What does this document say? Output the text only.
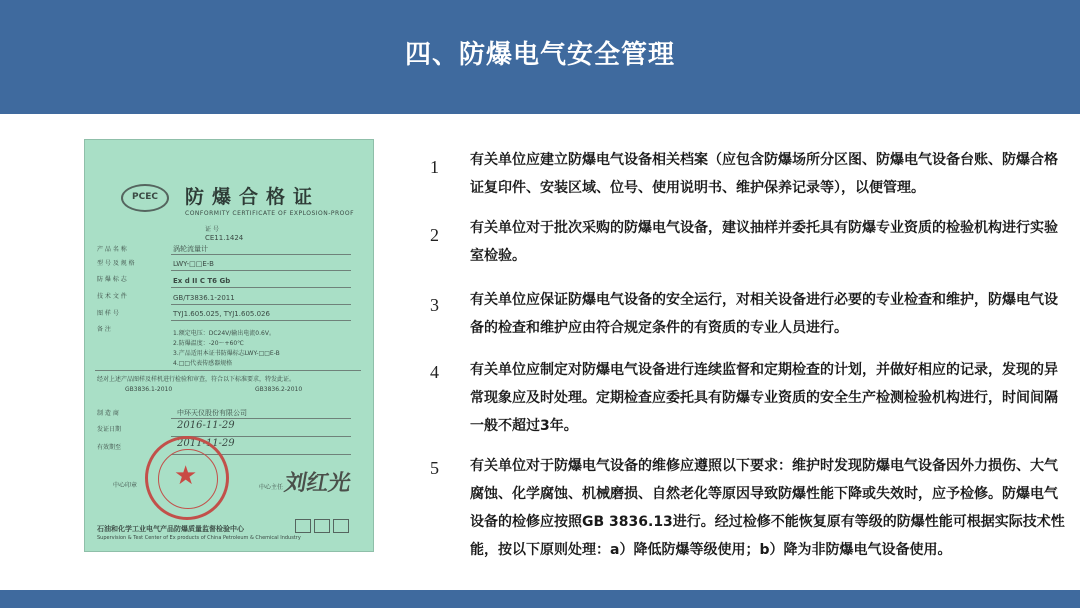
四、防爆电气安全管理
PCEC	防爆合格证
CONFORMITY CERTIFICATE OF EXPLOSION-PROOF
证 号
CE11.1424
产 品 名 称	涡轮流量计
型 号 及 规 格	LWY-□□E-B
防 爆 标 志	Ex d II C T6 Gb
技 术 文 件	GB/T3836.1-2011
图 样 号	TYJ1.605.025, TYJ1.605.026
备 注
1.额定电压：DC24V/输出电流0.6V。
2.防爆温度：-20～+60℃
3.产品适用本证书防爆标志LWY-□□E-B
4.□□代表传感器规格
经对上述产品图样及样机进行检验和审查，符合以下标准要求，特发此证。
GB3836.1-2010	GB3836.2-2010
制 造 商	中环天仪股份有限公司
发证日期	2016-11-29
有效期至	2011-11-29
★
中心印章	中心主任 刘红光
石油和化学工业电气产品防爆质量监督检验中心
Supervision & Test Center of Ex products of China Petroleum & Chemical Industry
1	有关单位应建立防爆电气设备相关档案（应包含防爆场所分区图、防爆电气设备台账、防爆合格证复印件、安装区域、位号、使用说明书、维护保养记录等），以便管理。
2	有关单位对于批次采购的防爆电气设备，建议抽样并委托具有防爆专业资质的检验机构进行实验室检验。
3	有关单位应保证防爆电气设备的安全运行，对相关设备进行必要的专业检查和维护，防爆电气设备的检查和维护应由符合规定条件的有资质的专业人员进行。
4	有关单位应制定对防爆电气设备进行连续监督和定期检查的计划，并做好相应的记录，发现的异常现象应及时处理。定期检查应委托具有防爆专业资质的安全生产检测检验机构进行，时间间隔一般不超过3年。
5	有关单位对于防爆电气设备的维修应遵照以下要求：维护时发现防爆电气设备因外力损伤、大气腐蚀、化学腐蚀、机械磨损、自然老化等原因导致防爆性能下降或失效时，应予检修。防爆电气设备的检修应按照GB 3836.13进行。经过检修不能恢复原有等级的防爆性能可根据实际技术性能，按以下原则处理：a）降低防爆等级使用；b）降为非防爆电气设备使用。
